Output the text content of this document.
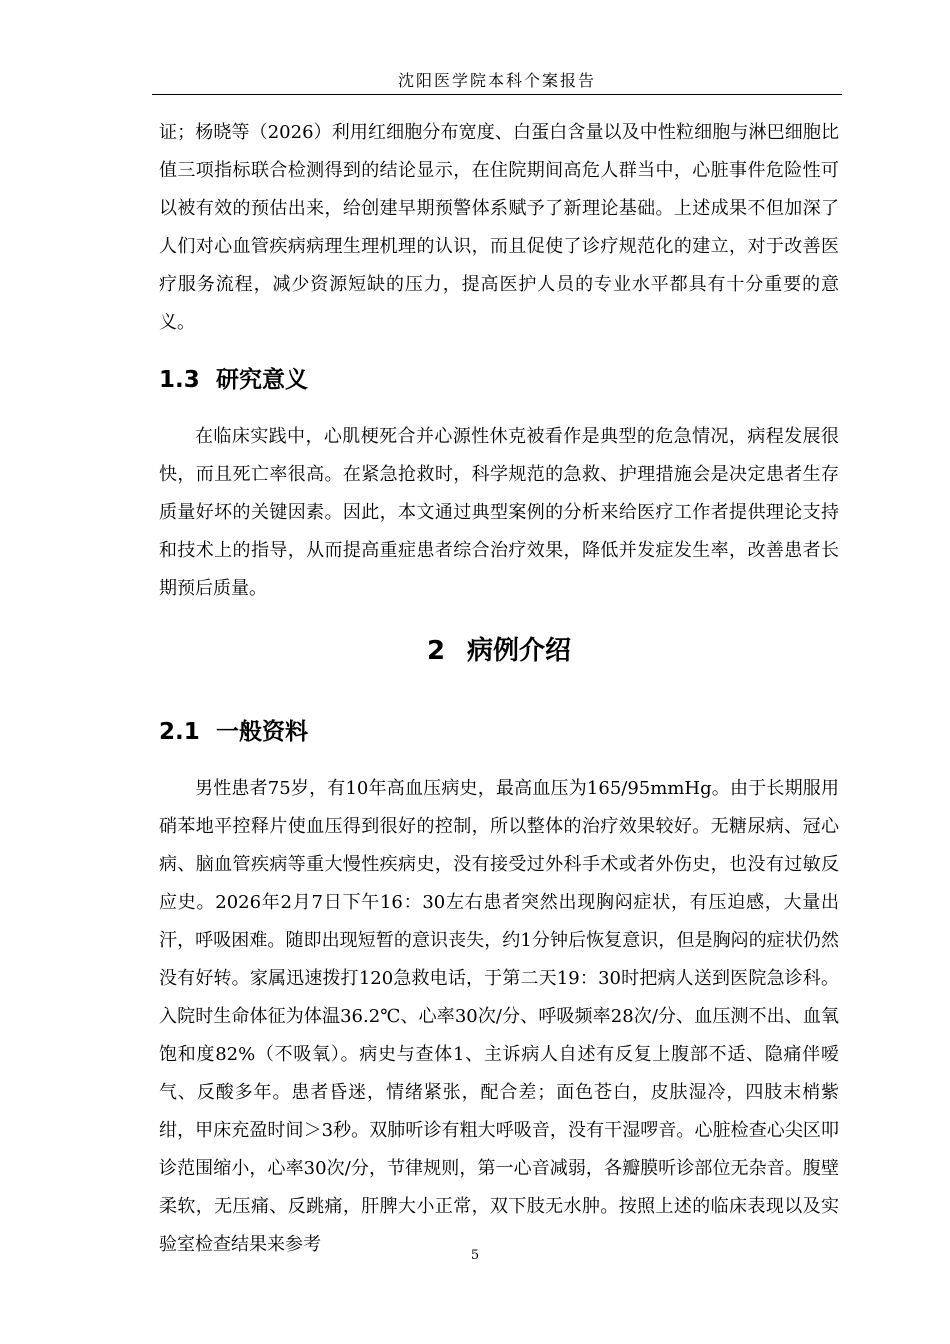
沈阳医学院本科个案报告

证；杨晓等（2026）利用红细胞分布宽度、白蛋白含量以及中性粒细胞与淋巴细胞比值三项指标联合检测得到的结论显示，在住院期间高危人群当中，心脏事件危险性可以被有效的预估出来，给创建早期预警体系赋予了新理论基础。上述成果不但加深了人们对心血管疾病病理生理机理的认识，而且促使了诊疗规范化的建立，对于改善医疗服务流程，减少资源短缺的压力，提高医护人员的专业水平都具有十分重要的意义。

1.3 研究意义

在临床实践中，心肌梗死合并心源性休克被看作是典型的危急情况，病程发展很快，而且死亡率很高。在紧急抢救时，科学规范的急救、护理措施会是决定患者生存质量好坏的关键因素。因此，本文通过典型案例的分析来给医疗工作者提供理论支持和技术上的指导，从而提高重症患者综合治疗效果，降低并发症发生率，改善患者长期预后质量。

2 病例介绍
2.1 一般资料

男性患者75岁，有10年高血压病史，最高血压为165/95mmHg。由于长期服用硝苯地平控释片使血压得到很好的控制，所以整体的治疗效果较好。无糖尿病、冠心病、脑血管疾病等重大慢性疾病史，没有接受过外科手术或者外伤史，也没有过敏反应史。2026年2月7日下午16：30左右患者突然出现胸闷症状，有压迫感，大量出汗，呼吸困难。随即出现短暂的意识丧失，约1分钟后恢复意识，但是胸闷的症状仍然没有好转。家属迅速拨打120急救电话，于第二天19：30时把病人送到医院急诊科。入院时生命体征为体温36.2℃、心率30次/分、呼吸频率28次/分、血压测不出、血氧饱和度82%（不吸氧）。病史与查体1、主诉病人自述有反复上腹部不适、隐痛伴嗳气、反酸多年。患者昏迷，情绪紧张，配合差；面色苍白，皮肤湿冷，四肢末梢紫绀，甲床充盈时间＞3秒。双肺听诊有粗大呼吸音，没有干湿啰音。心脏检查心尖区叩诊范围缩小，心率30次/分，节律规则，第一心音减弱，各瓣膜听诊部位无杂音。腹壁柔软，无压痛、反跳痛，肝脾大小正常，双下肢无水肿。按照上述的临床表现以及实验室检查结果来参考

5
